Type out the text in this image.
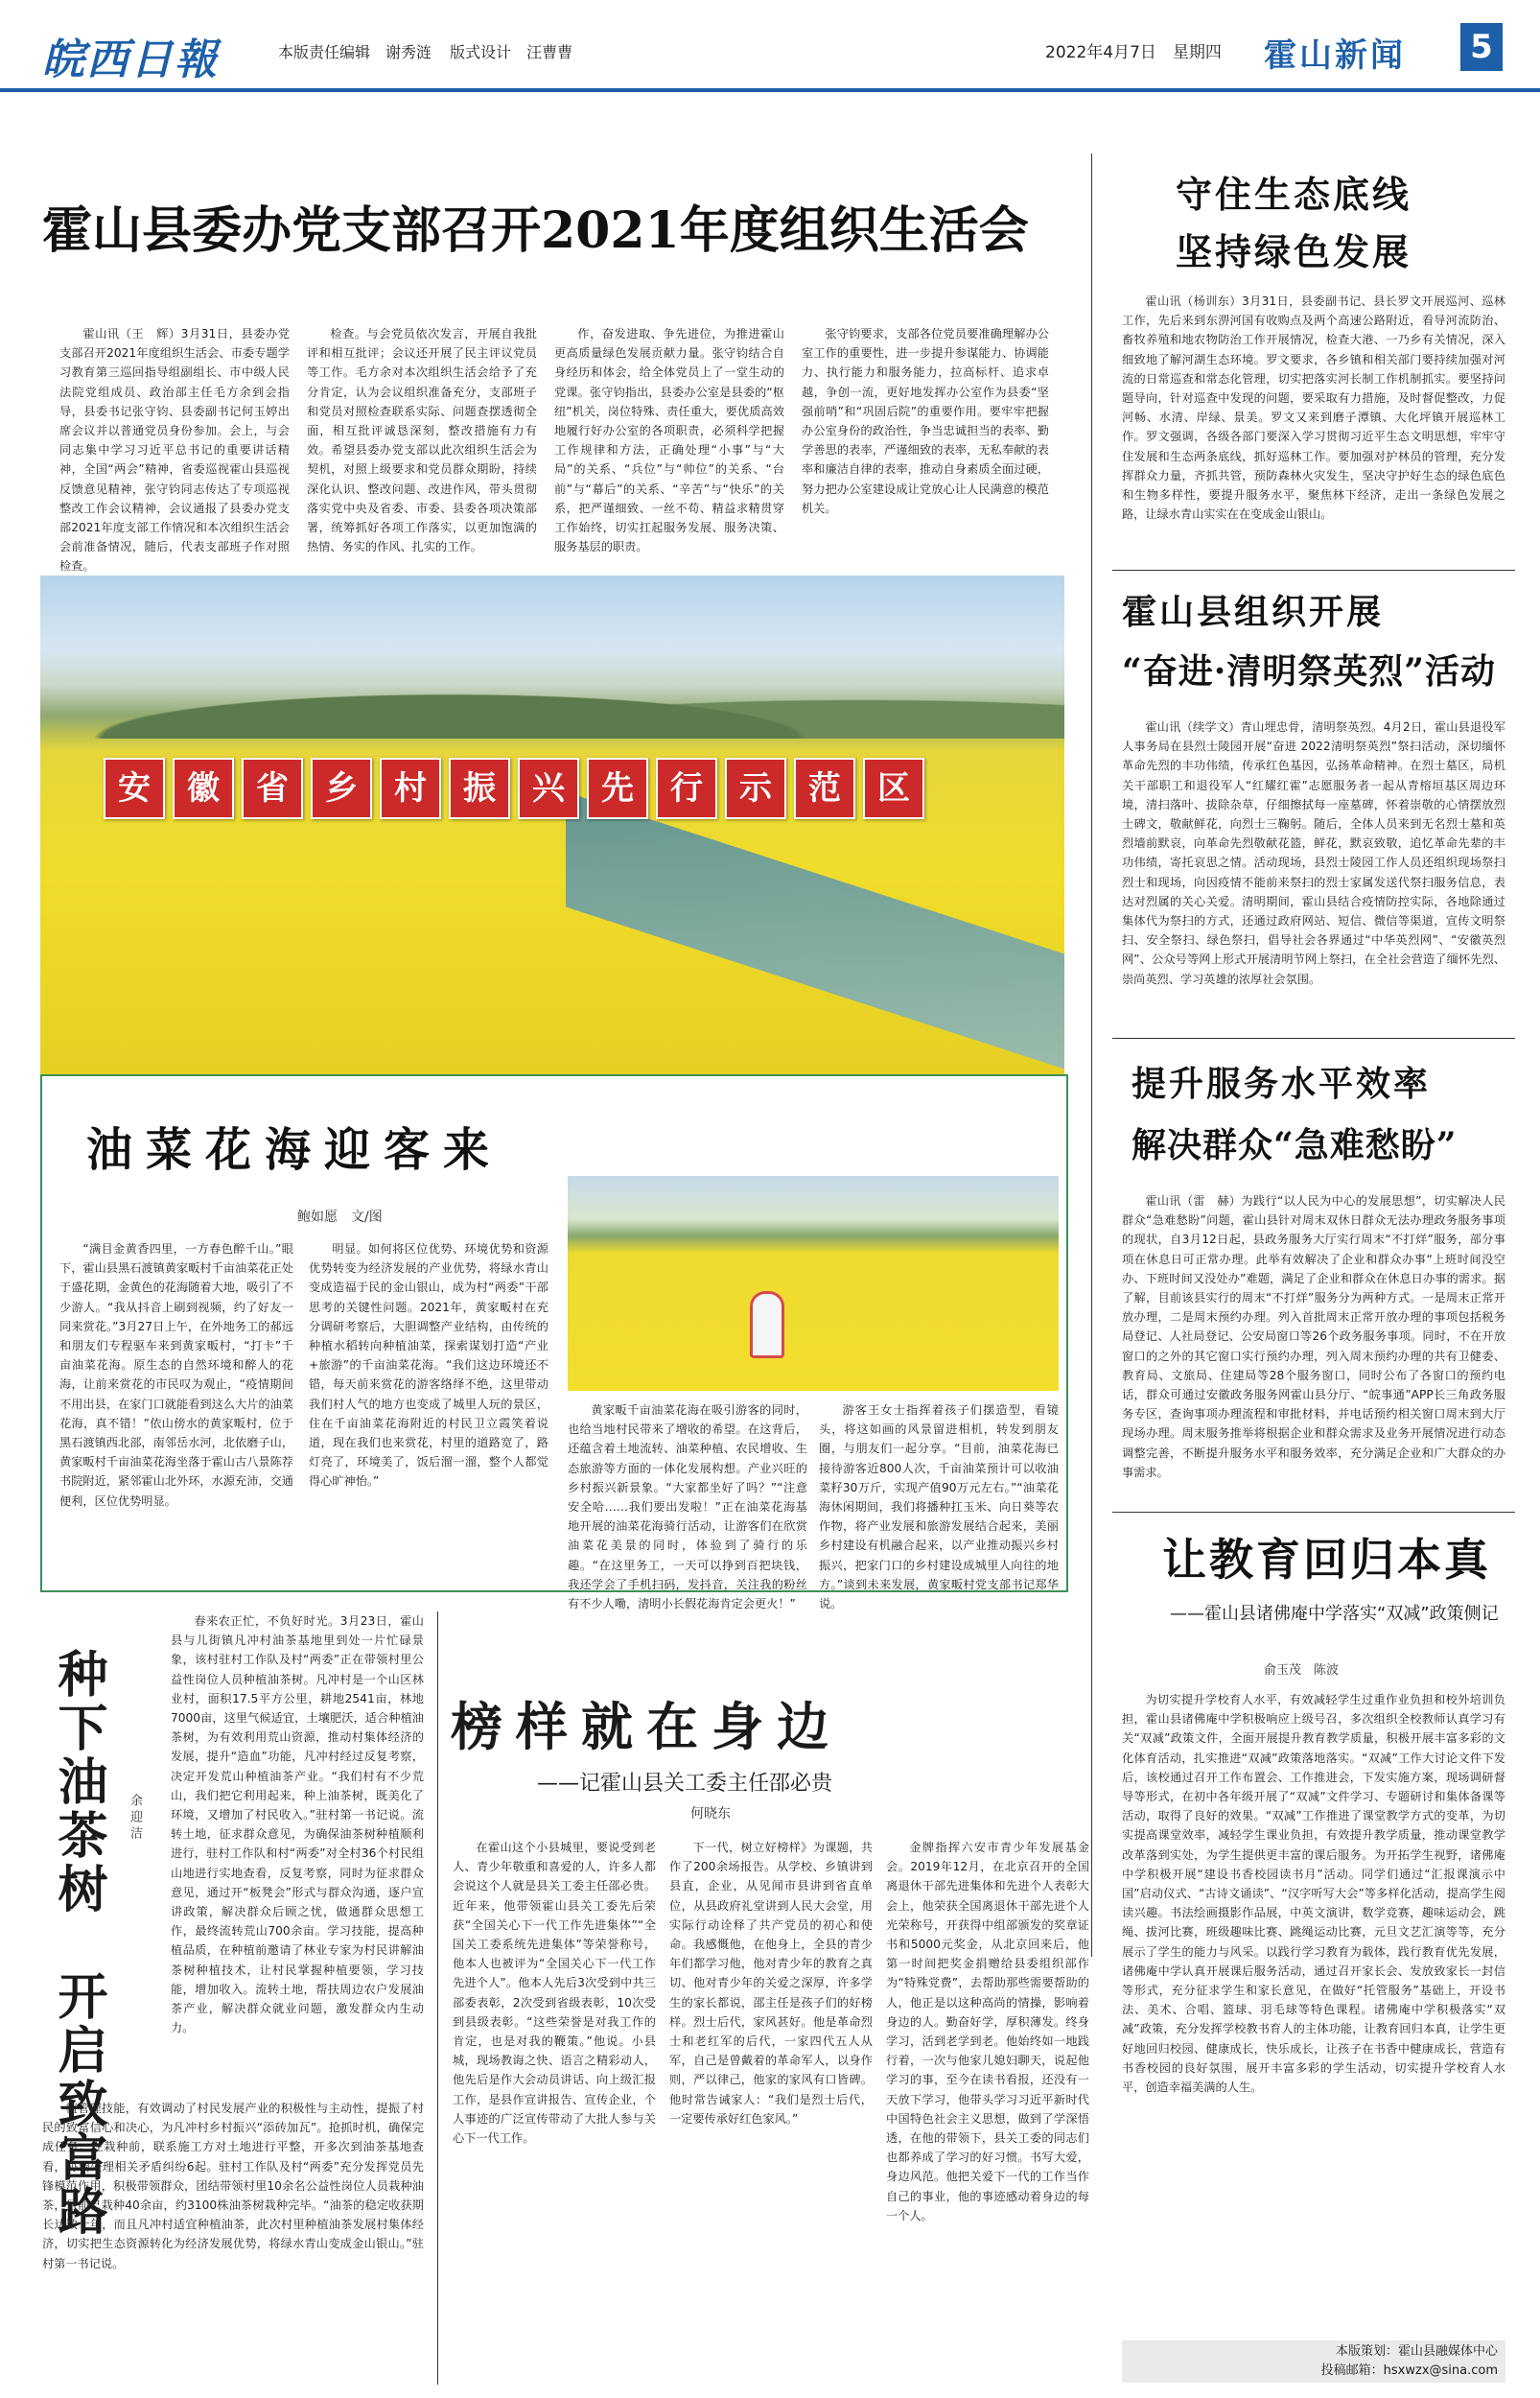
皖西日報	本版责任编辑　谢秀涟 版式设计　汪曹曹	2022年4月7日　星期四 霍山新闻 5
霍山县委办党支部召开2021年度组织生活会

霍山讯（王　辉）3月31日，县委办党支部召开2021年度组织生活会、市委专题学习教育第三巡回指导组副组长、市中级人民法院党组成员、政治部主任毛方余到会指导，县委书记张守钧、县委副书记何玉婷出席会议并以普通党员身份参加。会上，与会同志集中学习习近平总书记的重要讲话精神，全国“两会”精神，省委巡视霍山县巡视反馈意见精神，张守钧同志传达了专项巡视整改工作会议精神，会议通报了县委办党支部2021年度支部工作情况和本次组织生活会会前准备情况，随后，代表支部班子作对照检查。

检查。与会党员依次发言，开展自我批评和相互批评；会议还开展了民主评议党员等工作。毛方余对本次组织生活会给予了充分肯定，认为会议组织准备充分，支部班子和党员对照检查联系实际、问题查摆透彻全面，相互批评诚恳深刻，整改措施有力有效。希望县委办党支部以此次组织生活会为契机，对照上级要求和党员群众期盼，持续深化认识、整改问题、改进作风，带头贯彻落实党中央及省委、市委、县委各项决策部署，统筹抓好各项工作落实，以更加饱满的热情、务实的作风、扎实的工作。

作，奋发进取、争先进位，为推进霍山更高质量绿色发展贡献力量。张守钧结合自身经历和体会，给全体党员上了一堂生动的党课。张守钧指出，县委办公室是县委的“枢纽”机关，岗位特殊、责任重大，要优质高效地履行好办公室的各项职责，必须科学把握工作规律和方法，正确处理“小事”与“大局”的关系、“兵位”与“帅位”的关系、“台前”与“幕后”的关系、“辛苦”与“快乐”的关系，把严谨细致、一丝不苟、精益求精贯穿工作始终，切实扛起服务发展、服务决策、服务基层的职责。

张守钧要求，支部各位党员要准确理解办公室工作的重要性，进一步提升参谋能力、协调能力、执行能力和服务能力，拉高标杆、追求卓越，争创一流，更好地发挥办公室作为县委“坚强前哨”和“巩固后院”的重要作用。要牢牢把握办公室身份的政治性，争当忠诚担当的表率、勤学善思的表率，严谨细致的表率，无私奉献的表率和廉洁自律的表率，推动自身素质全面过硬，努力把办公室建设成让党放心让人民满意的模范机关。

守住生态底线
坚持绿色发展

霍山讯（杨训东）3月31日，县委副书记、县长罗文开展巡河、巡林工作，先后来到东淠河国有收购点及两个高速公路附近，看导河流防治、畜牧养殖和地农物防治工作开展情况，检查大港、一乃乡有关情况，深入细致地了解河湖生态环境。罗文要求，各乡镇和相关部门要持续加强对河流的日常巡查和常态化管理，切实把落实河长制工作机制抓实。要坚持问题导向，针对巡查中发现的问题，要采取有力措施，及时督促整改，力促河畅、水清、岸绿、景美。罗文又来到磨子潭镇、大化坪镇开展巡林工作。罗文强调，各级各部门要深入学习贯彻习近平生态文明思想，牢牢守住发展和生态两条底线，抓好巡林工作。要加强对护林员的管理，充分发挥群众力量，齐抓共管，预防森林火灾发生，坚决守护好生态的绿色底色和生物多样性，要提升服务水平，聚焦林下经济，走出一条绿色发展之路，让绿水青山实实在在变成金山银山。

安	徽	省	乡	村	振	兴	先	行	示	范	区
霍山县组织开展
“奋进·清明祭英烈”活动

霍山讯（续学文）青山埋忠骨，清明祭英烈。4月2日，霍山县退役军人事务局在县烈士陵园开展“奋进 2022清明祭英烈”祭扫活动，深切缅怀革命先烈的丰功伟绩，传承红色基因，弘扬革命精神。在烈士墓区，局机关干部职工和退役军人“红耀红霍”志愿服务者一起从青榕垣基区周边环境，清扫落叶、拔除杂草，仔细擦拭每一座墓碑，怀着崇敬的心情摆放烈士碑文，敬献鲜花，向烈士三鞠躬。随后，全体人员来到无名烈士墓和英烈墙前默哀，向革命先烈敬献花篮，鲜花，默哀致敬，追忆革命先辈的丰功伟绩，寄托哀思之情。活动现场，县烈士陵园工作人员还组织现场祭扫烈士和现场，向因疫情不能前来祭扫的烈士家属发送代祭扫服务信息，表达对烈属的关心关爱。清明期间，霍山县结合疫情防控实际，各地除通过集体代为祭扫的方式，还通过政府网站、短信、微信等渠道，宣传文明祭扫、安全祭扫、绿色祭扫，倡导社会各界通过“中华英烈网”、“安徽英烈网”、公众号等网上形式开展清明节网上祭扫，在全社会营造了缅怀先烈、崇尚英烈、学习英雄的浓厚社会氛围。

提升服务水平效率
解决群众“急难愁盼”

霍山讯（雷　赫）为践行“以人民为中心的发展思想”，切实解决人民群众“急难愁盼”问题，霍山县针对周末双休日群众无法办理政务服务事项的现状，自3月12日起，县政务服务大厅实行周末“不打烊”服务，部分事项在休息日可正常办理。此举有效解决了企业和群众办事“上班时间没空办、下班时间又没处办”难题，满足了企业和群众在休息日办事的需求。据了解，目前该县实行的周末“不打烊”服务分为两种方式。一是周末正常开放办理，二是周末预约办理。列入首批周末正常开放办理的事项包括税务局登记、人社局登记、公安局窗口等26个政务服务事项。同时，不在开放窗口的之外的其它窗口实行预约办理，列入周末预约办理的共有卫健委、教育局、文旅局、住建局等28个服务窗口，同时公布了各窗口的预约电话，群众可通过安徽政务服务网霍山县分厅、“皖事通”APP长三角政务服务专区，查询事项办理流程和审批材料，并电话预约相关窗口周末到大厅现场办理。周末服务推举将根据企业和群众需求及业务开展情况进行动态调整完善，不断提升服务水平和服务效率，充分满足企业和广大群众的办事需求。

让教育回归本真
——霍山县诸佛庵中学落实“双减”政策侧记
俞玉茂　陈波

为切实提升学校育人水平，有效减轻学生过重作业负担和校外培训负担，霍山县诸佛庵中学积极响应上级号召，多次组织全校教师认真学习有关“双减”政策文件，全面开展提升教育教学质量，积极开展丰富多彩的文化体育活动，扎实推进“双减”政策落地落实。“双减”工作大讨论文件下发后，该校通过召开工作布置会、工作推进会，下发实施方案，现场调研督导等形式，在初中各年级开展了“双减”文件学习、专题研讨和集体备课等活动，取得了良好的效果。“双减”工作推进了课堂教学方式的变革，为切实提高课堂效率，减轻学生课业负担，有效提升教学质量，推动课堂教学改革落到实处，为学生提供更丰富的课后服务。为开拓学生视野，诸佛庵中学积极开展“建设书香校园读书月”活动。同学们通过“汇报课演示中国”启动仪式、“古诗文诵读”、“汉字听写大会”等多样化活动，提高学生阅读兴趣。书法绘画摄影作品展，中英文演讲，数学竞赛，趣味运动会，跳绳、拔河比赛，班级趣味比赛、跳绳运动比赛，元旦文艺汇演等等，充分展示了学生的能力与风采。以践行学习教育为载体，践行教育优先发展，诸佛庵中学认真开展课后服务活动，通过召开家长会、发放致家长一封信等形式，充分征求学生和家长意见，在做好“托管服务”基础上，开设书法、美术、合唱、篮球、羽毛球等特色课程。诸佛庵中学积极落实“双减”政策，充分发挥学校教书育人的主体功能，让教育回归本真，让学生更好地回归校园、健康成长，快乐成长，让孩子在书香中健康成长，营造有书香校园的良好氛围，展开丰富多彩的学生活动，切实提升学校育人水平，创造幸福美满的人生。

油菜花海迎客来
鲍如愿　文/图

“满目金黄香四里，一方春色醉千山。”眼下，霍山县黑石渡镇黄家畈村千亩油菜花正处于盛花期，金黄色的花海随着大地，吸引了不少游人。“我从抖音上刷到视频，约了好友一同来赏花。”3月27日上午，在外地务工的郝远和朋友们专程驱车来到黄家畈村，“打卡”千亩油菜花海。原生态的自然环境和醉人的花海，让前来赏花的市民叹为观止，“疫情期间不用出县，在家门口就能看到这么大片的油菜花海，真不错！”依山傍水的黄家畈村，位于黑石渡镇西北部，南邻岳水河，北依磨子山，黄家畈村千亩油菜花海坐落于霍山古八景陈荐书院附近，紧邻霍山北外环，水源充沛，交通便利，区位优势明显。

明显。如何将区位优势、环境优势和资源优势转变为经济发展的产业优势，将绿水青山变成造福于民的金山银山，成为村“两委”干部思考的关键性问题。2021年，黄家畈村在充分调研考察后，大胆调整产业结构，由传统的种植水稻转向种植油菜，探索谋划打造“产业+旅游”的千亩油菜花海。“我们这边环境还不错，每天前来赏花的游客络绎不绝，这里带动我们村人气的地方也变成了城里人玩的景区，住在千亩油菜花海附近的村民卫立霞笑着说道，现在我们也来赏花，村里的道路宽了，路灯亮了，环境美了，饭后溜一溜，整个人都觉得心旷神怡。”

黄家畈千亩油菜花海在吸引游客的同时，也给当地村民带来了增收的希望。在这背后，还蕴含着土地流转、油菜种植、农民增收、生态旅游等方面的一体化发展构想。产业兴旺的乡村振兴新景象。“大家都坐好了吗？”“注意安全哈……我们要出发啦！”正在油菜花海基地开展的油菜花海骑行活动，让游客们在欣赏油菜花美景的同时，体验到了骑行的乐趣。“在这里务工，一天可以挣到百把块钱，我还学会了手机扫码，发抖音，关注我的粉丝有不少人嘞，清明小长假花海肯定会更火！”

游客王女士指挥着孩子们摆造型，看镜头，将这如画的风景留进相机，转发到朋友圈，与朋友们一起分享。“目前，油菜花海已接待游客近800人次，千亩油菜预计可以收油菜籽30万斤，实现产值90万元左右。”“油菜花海休闲期间，我们将播种扛玉米、向日葵等农作物，将产业发展和旅游发展结合起来，美丽乡村建设有机融合起来，以产业推动振兴乡村振兴，把家门口的乡村建设成城里人向往的地方。”谈到未来发展，黄家畈村党支部书记郑华说。

种下油茶树　开启致富路 余迎洁

春来农正忙，不负好时光。3月23日，霍山县与儿街镇凡冲村油茶基地里到处一片忙碌景象，该村驻村工作队及村“两委”正在带领村里公益性岗位人员种植油茶树。凡冲村是一个山区林业村，面积17.5平方公里，耕地2541亩，林地7000亩，这里气候适宜，土壤肥沃，适合种植油茶树，为有效利用荒山资源，推动村集体经济的发展，提升“造血”功能，凡冲村经过反复考察，决定开发荒山种植油茶产业。“我们村有不少荒山，我们把它利用起来，种上油茶树，既美化了环境，又增加了村民收入。”驻村第一书记说。流转土地，征求群众意见，为确保油茶树种植顺利进行，驻村工作队和村“两委”对全村36个村民组山地进行实地查看，反复考察，同时为征求群众意见，通过开“板凳会”形式与群众沟通，逐户宣讲政策，解决群众后顾之忧，做通群众思想工作，最终流转荒山700余亩。学习技能，提高种植品质，在种植前邀请了林业专家为村民讲解油茶树种植技术，让村民掌握种植要领，学习技能，增加收入。流转土地，帮扶周边农户发展油茶产业，解决群众就业问题，激发群众内生动力。

植管理技能，有效调动了村民发展产业的积极性与主动性，提振了村民的致富信心和决心，为凡冲村乡村振兴“添砖加瓦”。抢抓时机，确保完成任务。在栽种前，联系施工方对土地进行平整，开多次到油茶基地查看，协调处理相关矛盾纠纷6起。驻村工作队及村“两委”充分发挥党员先锋模范作用，积极带领群众，团结带领村里10余名公益性岗位人员栽种油茶，目前已栽种40余亩，约3100株油茶树栽种完毕。“油茶的稳定收获期长达数十年，而且凡冲村适宜种植油茶，此次村里种植油茶发展村集体经济，切实把生态资源转化为经济发展优势，将绿水青山变成金山银山。”驻村第一书记说。

榜样就在身边
——记霍山县关工委主任邵必贵
何晓东

在霍山这个小县城里，要说受到老人、青少年敬重和喜爱的人，许多人都会说这个人就是县关工委主任邵必贵。近年来，他带领霍山县关工委先后荣获“全国关心下一代工作先进集体”“全国关工委系统先进集体”等荣誉称号，他本人也被评为“全国关心下一代工作先进个人”。他本人先后3次受到中共三部委表彰，2次受到省级表彰，10次受到县级表彰。“这些荣誉是对我工作的肯定，也是对我的鞭策。”他说。小县城，现场教诲之快、语言之精彩动人，他先后是作大会动员讲话、向上级汇报工作，是县作宣讲报告、宣传企业，个人事迹的广泛宣传带动了大批人参与关心下一代工作。

下一代，树立好榜样》为课题，共作了200余场报告。从学校、乡镇讲到县直，企业，从见闻市县讲到省直单位，从县政府礼堂讲到人民大会堂，用实际行动诠释了共产党员的初心和使命。我感慨他，在他身上，全县的青少年们都学习他，他对青少年的教育之真切、他对青少年的关爱之深厚，许多学生的家长都说，邵主任是孩子们的好榜样。烈士后代，家风甚好。他是革命烈士和老红军的后代，一家四代五人从军，自己是曾戴着的革命军人，以身作则，严以律己，他家的家风有口皆碑。他时常告诫家人：“我们是烈士后代，一定要传承好红色家风。”

金牌指挥六安市青少年发展基金会。2019年12月，在北京召开的全国离退休干部先进集体和先进个人表彰大会上，他荣获全国离退休干部先进个人光荣称号，开获得中组部颁发的奖章证书和5000元奖金，从北京回来后，他第一时间把奖金捐赠给县委组织部作为“特殊党费”，去帮助那些需要帮助的人，他正是以这种高尚的情操，影响着身边的人。勤奋好学，厚积薄发。终身学习，活到老学到老。他始终如一地践行着，一次与他家儿媳妇聊天，说起他学习的事，至今在读书看报，还没有一天放下学习，他带头学习习近平新时代中国特色社会主义思想，做到了学深悟透，在他的带领下，县关工委的同志们也都养成了学习的好习惯。书写大爱，身边风范。他把关爱下一代的工作当作自己的事业，他的事迹感动着身边的每一个人。

本版策划：霍山县融媒体中心
投稿邮箱：hsxwzx@sina.com
